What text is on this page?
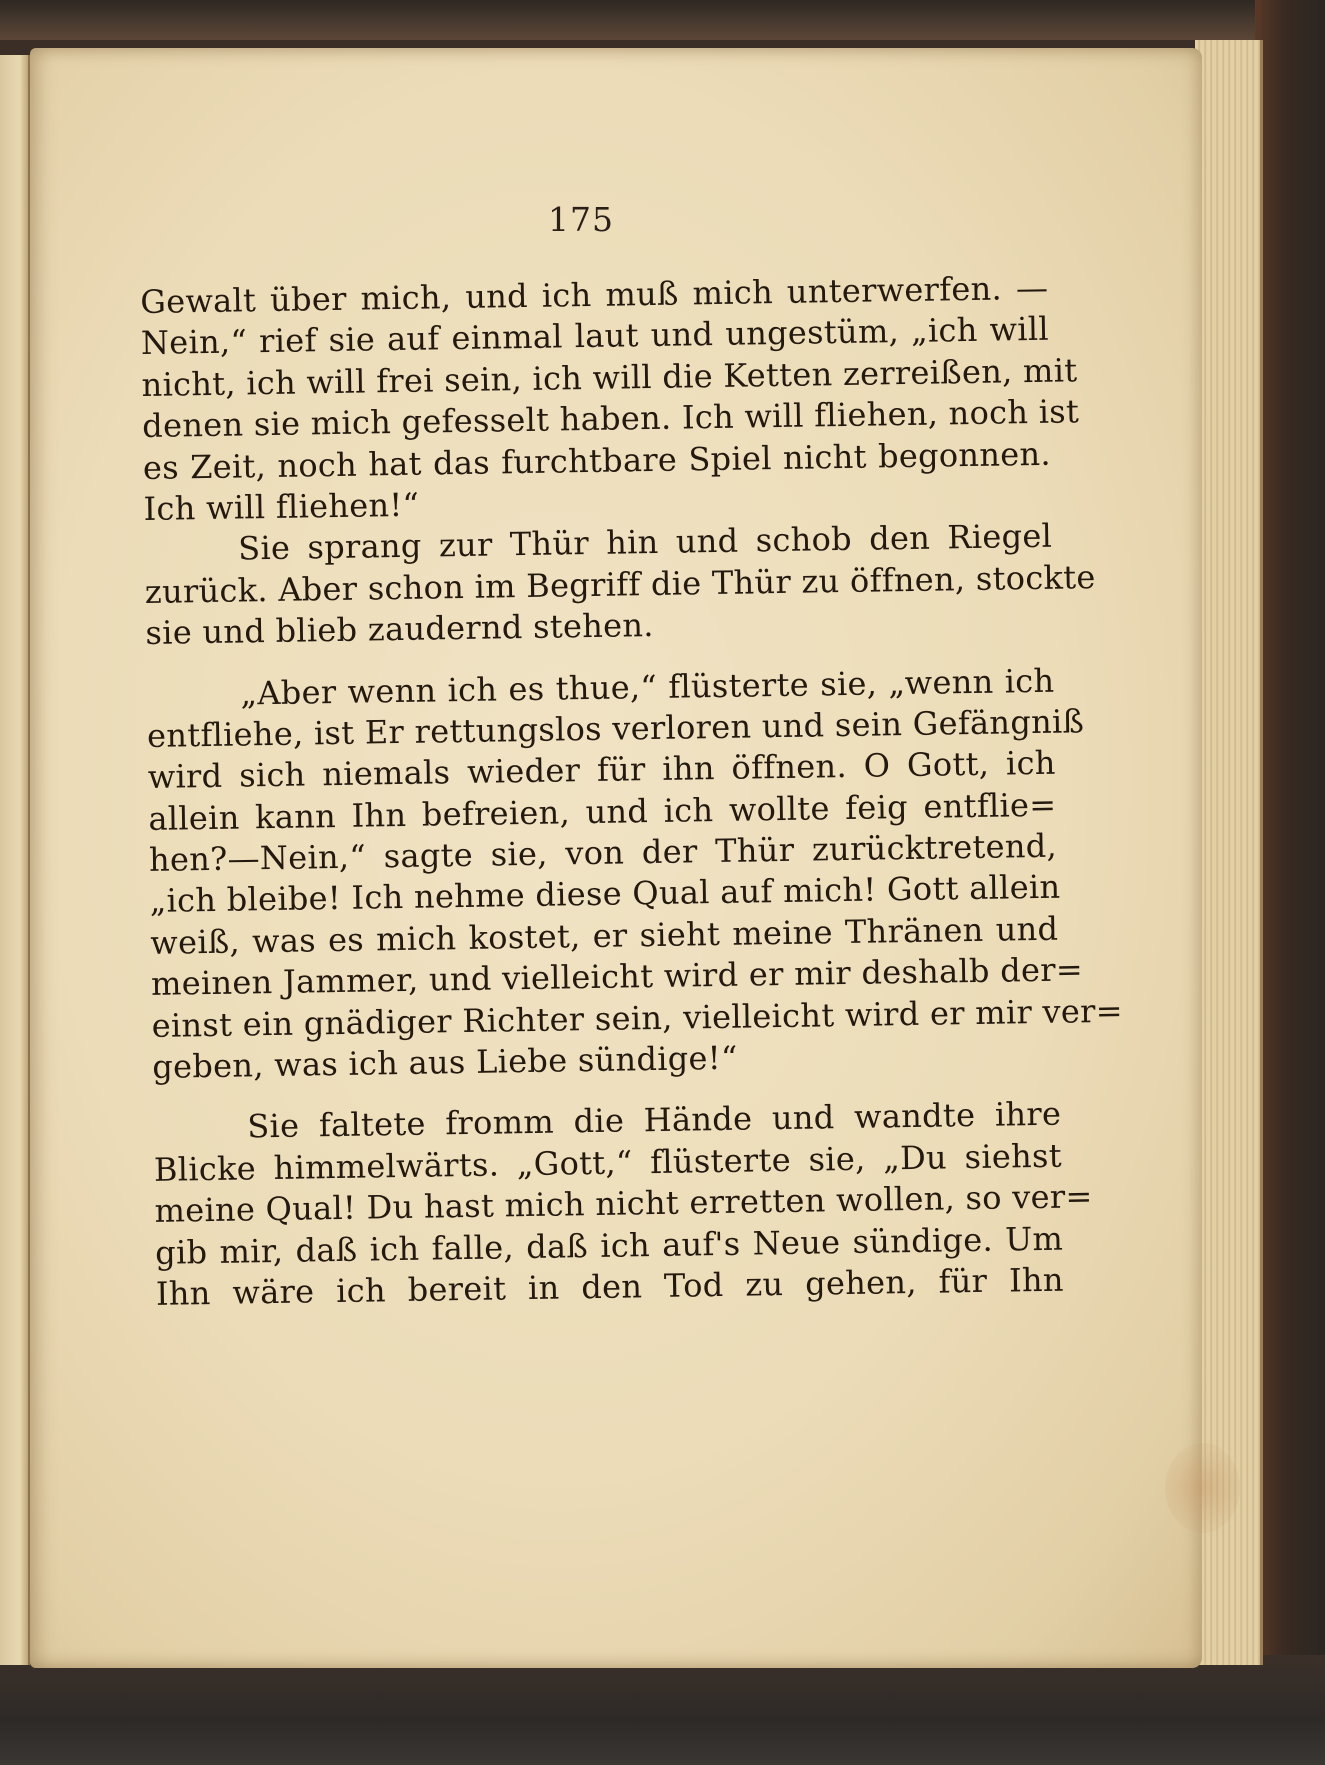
175
Gewalt über mich, und ich muß mich unterwerfen. —
Nein,“ rief sie auf einmal laut und ungestüm, „ich will
nicht, ich will frei sein, ich will die Ketten zerreißen, mit
denen sie mich gefesselt haben. Ich will fliehen, noch ist
es Zeit, noch hat das furchtbare Spiel nicht begonnen.
Ich will fliehen!“
Sie sprang zur Thür hin und schob den Riegel
zurück. Aber schon im Begriff die Thür zu öffnen, stockte
sie und blieb zaudernd stehen.
„Aber wenn ich es thue,“ flüsterte sie, „wenn ich
entfliehe, ist Er rettungslos verloren und sein Gefängniß
wird sich niemals wieder für ihn öffnen. O Gott, ich
allein kann Ihn befreien, und ich wollte feig entflie=
hen?—Nein,“ sagte sie, von der Thür zurücktretend,
„ich bleibe! Ich nehme diese Qual auf mich! Gott allein
weiß, was es mich kostet, er sieht meine Thränen und
meinen Jammer, und vielleicht wird er mir deshalb der=
einst ein gnädiger Richter sein, vielleicht wird er mir ver=
geben, was ich aus Liebe sündige!“
Sie faltete fromm die Hände und wandte ihre
Blicke himmelwärts. „Gott,“ flüsterte sie, „Du siehst
meine Qual! Du hast mich nicht erretten wollen, so ver=
gib mir, daß ich falle, daß ich auf's Neue sündige. Um
Ihn wäre ich bereit in den Tod zu gehen, für Ihn
